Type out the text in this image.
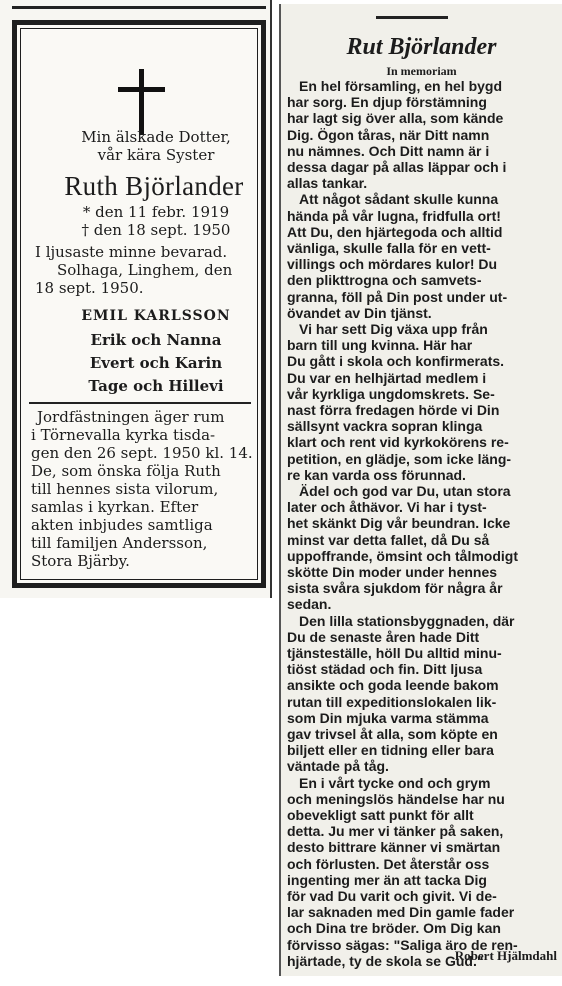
Min älskade Dotter,
vår kära Syster
Ruth Björlander
* den 11 febr. 1919
† den 18 sept. 1950
I ljusaste minne bevarad.
Solhaga, Linghem, den
18 sept. 1950.
EMIL KARLSSON
Erik och Nanna
Evert och Karin
Tage och Hillevi
Jordfästningen äger rum
i Törnevalla kyrka tisda-
gen den 26 sept. 1950 kl. 14.
De, som önska följa Ruth
till hennes sista vilorum,
samlas i kyrkan. Efter
akten inbjudes samtliga
till familjen Andersson,
Stora Bjärby.
Rut Björlander
In memoriam
En hel församling, en hel bygd
har sorg. En djup förstämning
har lagt sig över alla, som kände
Dig. Ögon tåras, när Ditt namn
nu nämnes. Och Ditt namn är i
dessa dagar på allas läppar och i
allas tankar.
Att något sådant skulle kunna
hända på vår lugna, fridfulla ort!
Att Du, den hjärtegoda och alltid
vänliga, skulle falla för en vett-
villings och mördares kulor! Du
den plikttrogna och samvets-
granna, föll på Din post under ut-
övandet av Din tjänst.
Vi har sett Dig växa upp från
barn till ung kvinna. Här har
Du gått i skola och konfirmerats.
Du var en helhjärtad medlem i
vår kyrkliga ungdomskrets. Se-
nast förra fredagen hörde vi Din
sällsynt vackra sopran klinga
klart och rent vid kyrkokörens re-
petition, en glädje, som icke läng-
re kan varda oss förunnad.
Ädel och god var Du, utan stora
later och åthävor. Vi har i tyst-
het skänkt Dig vår beundran. Icke
minst var detta fallet, då Du så
uppoffrande, ömsint och tålmodigt
skötte Din moder under hennes
sista svåra sjukdom för några år
sedan.
Den lilla stationsbyggnaden, där
Du de senaste åren hade Ditt
tjänsteställe, höll Du alltid minu-
tiöst städad och fin. Ditt ljusa
ansikte och goda leende bakom
rutan till expeditionslokalen lik-
som Din mjuka varma stämma
gav trivsel åt alla, som köpte en
biljett eller en tidning eller bara
väntade på tåg.
En i vårt tycke ond och grym
och meningslös händelse har nu
obevekligt satt punkt för allt
detta. Ju mer vi tänker på saken,
desto bittrare känner vi smärtan
och förlusten. Det återstår oss
ingenting mer än att tacka Dig
för vad Du varit och givit. Vi de-
lar saknaden med Din gamle fader
och Dina tre bröder. Om Dig kan
förvisso sägas: "Saliga äro de ren-
hjärtade, ty de skola se Gud."
Robert Hjälmdahl
